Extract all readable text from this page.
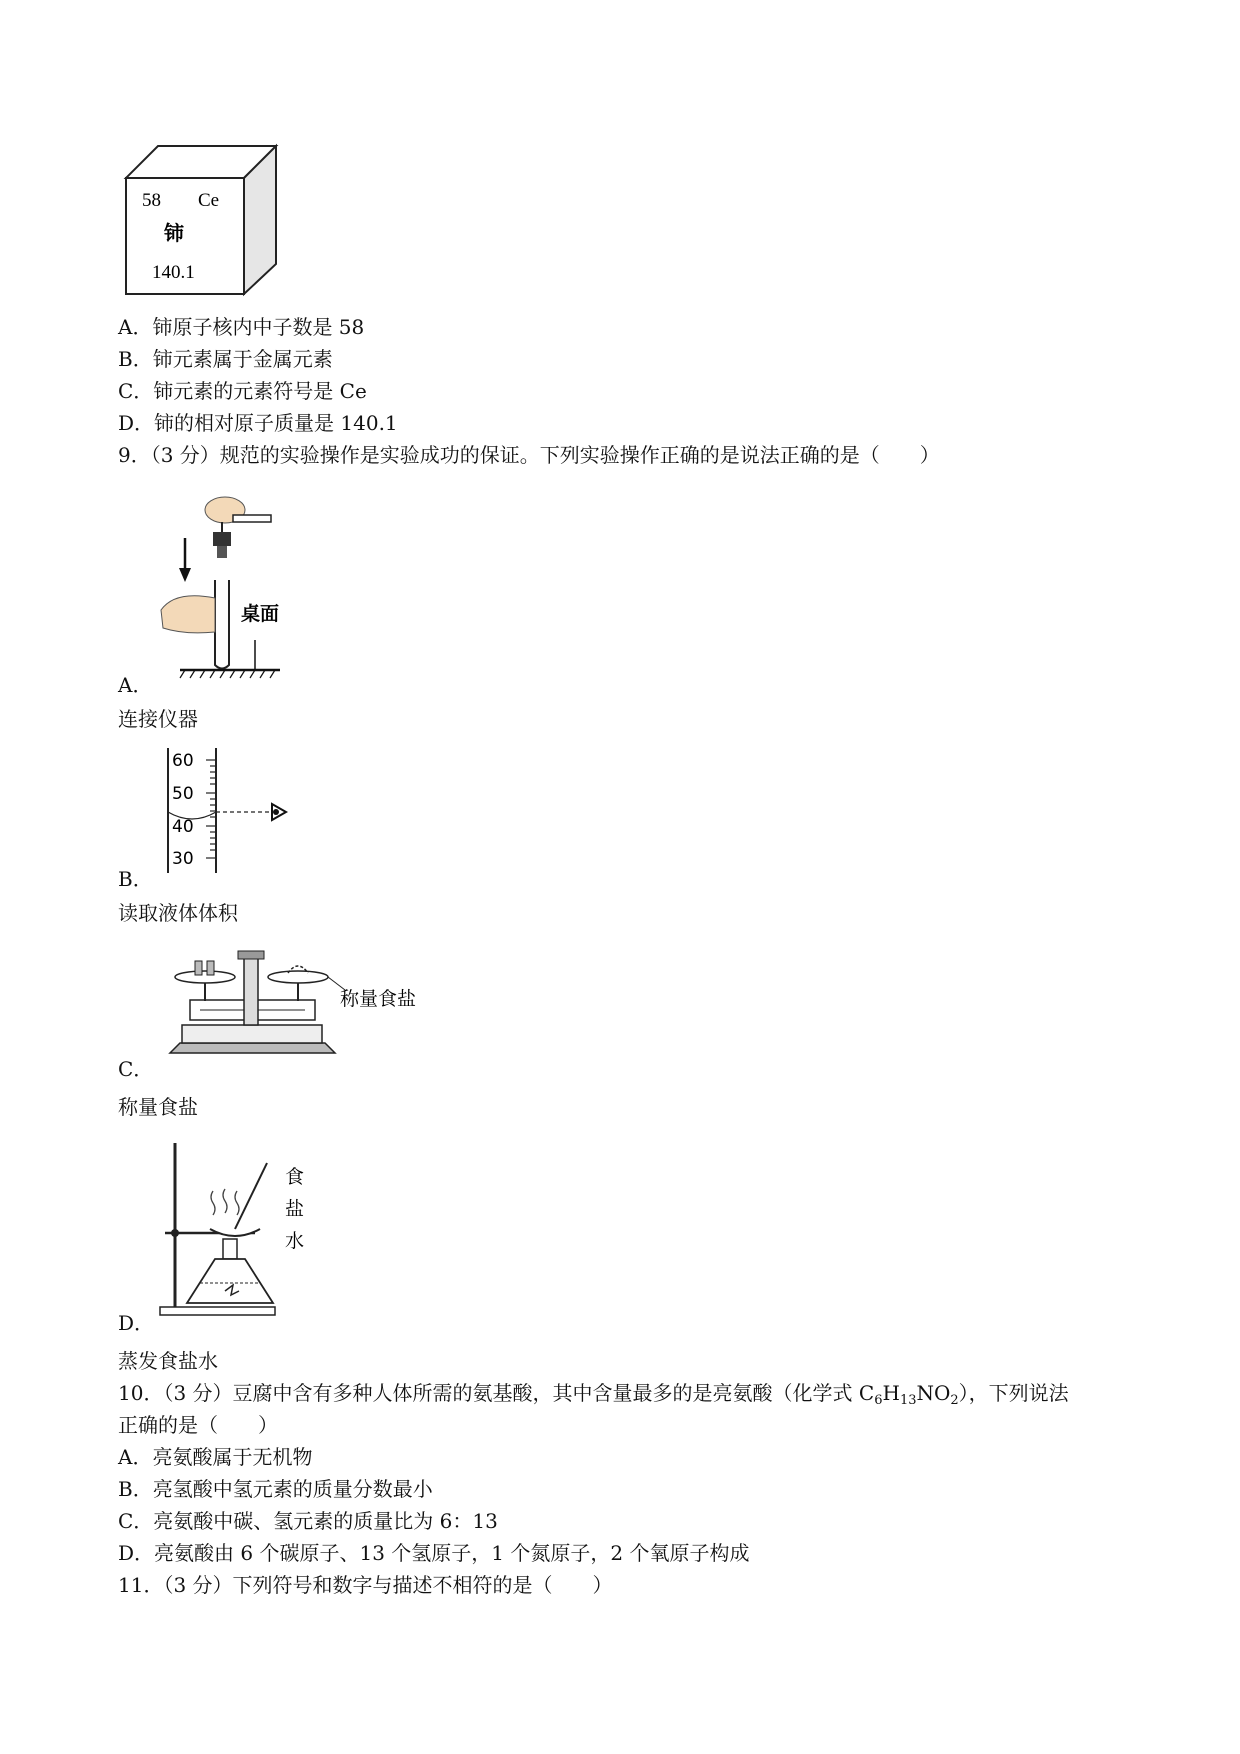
58 Ce
铈
140.1
A．铈原子核内中子数是 58
B．铈元素属于金属元素
C．铈元素的元素符号是 Ce
D．铈的相对原子质量是 140.1
9．（3 分）规范的实验操作是实验成功的保证。下列实验操作正确的是说法正确的是（　　）
桌面
A．
连接仪器
60
50
40
30
B．
读取液体体积
称量食盐
C．
称量食盐
食
盐
水
D．
蒸发食盐水
10．（3 分）豆腐中含有多种人体所需的氨基酸，其中含量最多的是亮氨酸（化学式 $C_6H_{13}NO_2$），下列说法
正确的是（　　）
A．亮氨酸属于无机物
B．亮氢酸中氢元素的质量分数最小
C．亮氨酸中碳、氢元素的质量比为 6：13
D．亮氨酸由 6 个碳原子、13 个氢原子，1 个氮原子，2 个氧原子构成
11．（3 分）下列符号和数字与描述不相符的是（　　）
